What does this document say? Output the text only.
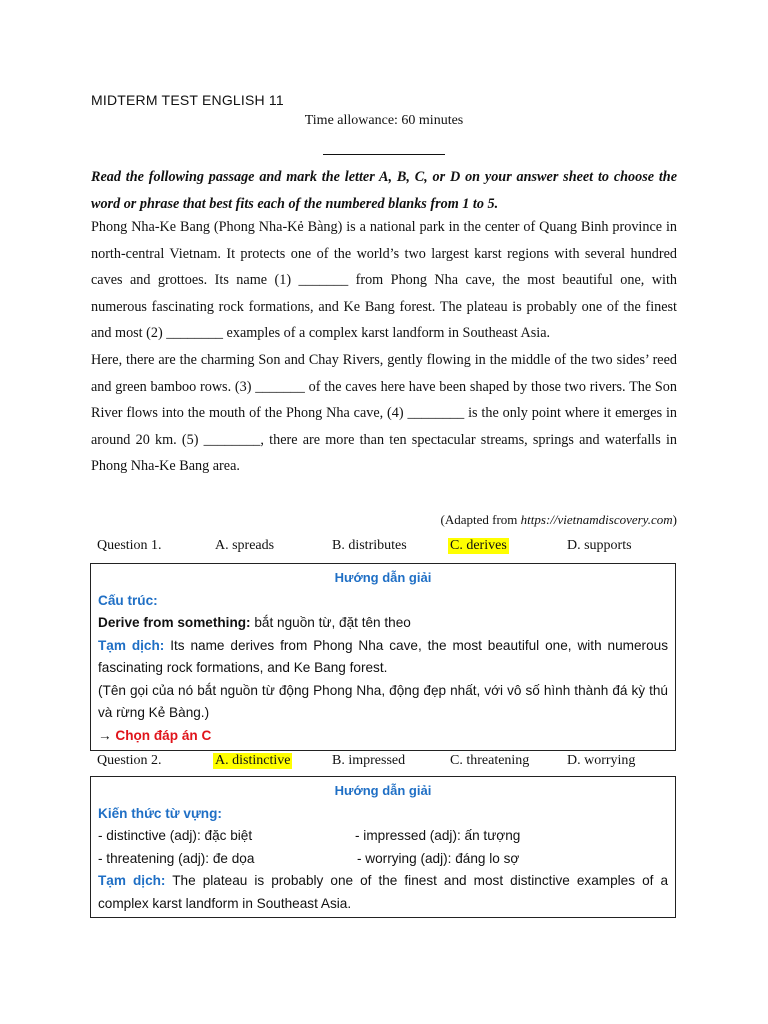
MIDTERM TEST ENGLISH 11
Time allowance: 60 minutes
Read the following passage and mark the letter A, B, C, or D on your answer sheet to choose the word or phrase that best fits each of the numbered blanks from 1 to 5.

Phong Nha-Ke Bang (Phong Nha-Kẻ Bàng) is a national park in the center of Quang Binh province in north-central Vietnam. It protects one of the world’s two largest karst regions with several hundred caves and grottoes. Its name (1) _______ from Phong Nha cave, the most beautiful one, with numerous fascinating rock formations, and Ke Bang forest. The plateau is probably one of the finest and most (2) ________ examples of a complex karst landform in Southeast Asia.

Here, there are the charming Son and Chay Rivers, gently flowing in the middle of the two sides’ reed and green bamboo rows. (3) _______ of the caves here have been shaped by those two rivers. The Son River flows into the mouth of the Phong Nha cave, (4) ________ is the only point where it emerges in around 20 km. (5) ________, there are more than ten spectacular streams, springs and waterfalls in Phong Nha-Ke Bang area.

(Adapted from https://vietnamdiscovery.com)
Question 1.	A. spreads	B. distributes	C. derives	D. supports
Hướng dẫn giải
Cấu trúc:
Derive from something: bắt nguồn từ, đặt tên theo
Tạm dịch: Its name derives from Phong Nha cave, the most beautiful one, with numerous fascinating rock formations, and Ke Bang forest.
(Tên gọi của nó bắt nguồn từ động Phong Nha, động đẹp nhất, với vô số hình thành đá kỳ thú và rừng Kẻ Bàng.)
→ Chọn đáp án C
Question 2.	A. distinctive	B. impressed	C. threatening	D. worrying
Hướng dẫn giải
Kiến thức từ vựng:
- distinctive (adj): đặc biệt	- impressed (adj): ấn tượng
- threatening (adj): đe dọa	- worrying (adj): đáng lo sợ
Tạm dịch: The plateau is probably one of the finest and most distinctive examples of a complex karst landform in Southeast Asia.
